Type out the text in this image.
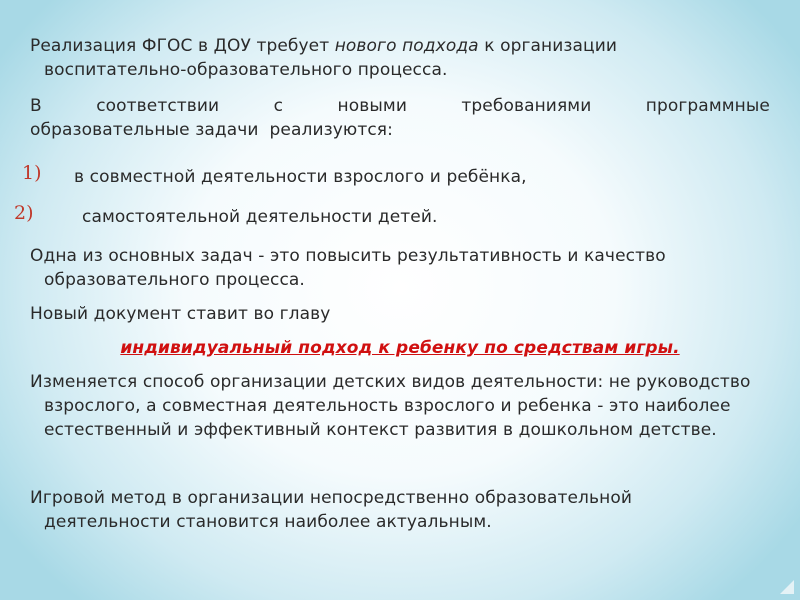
Реализация ФГОС в ДОУ требует нового подхода к организации воспитательно-образовательного процесса.

В	соответствии	с	новыми	требованиями	программные

образовательные задачи  реализуются:

1) в совместной деятельности взрослого и ребёнка,

2)	самостоятельной деятельности детей.

Одна из основных задач - это повысить результативность и качество образовательного процесса.

Новый документ ставит во главу

индивидуальный подход к ребенку по средствам игры.

Изменяется способ организации детских видов деятельности: не руководство взрослого, а совместная деятельность взрослого и ребенка - это наиболее естественный и эффективный контекст развития в дошкольном детстве.

Игровой метод в организации непосредственно образовательной деятельности становится наиболее актуальным.
